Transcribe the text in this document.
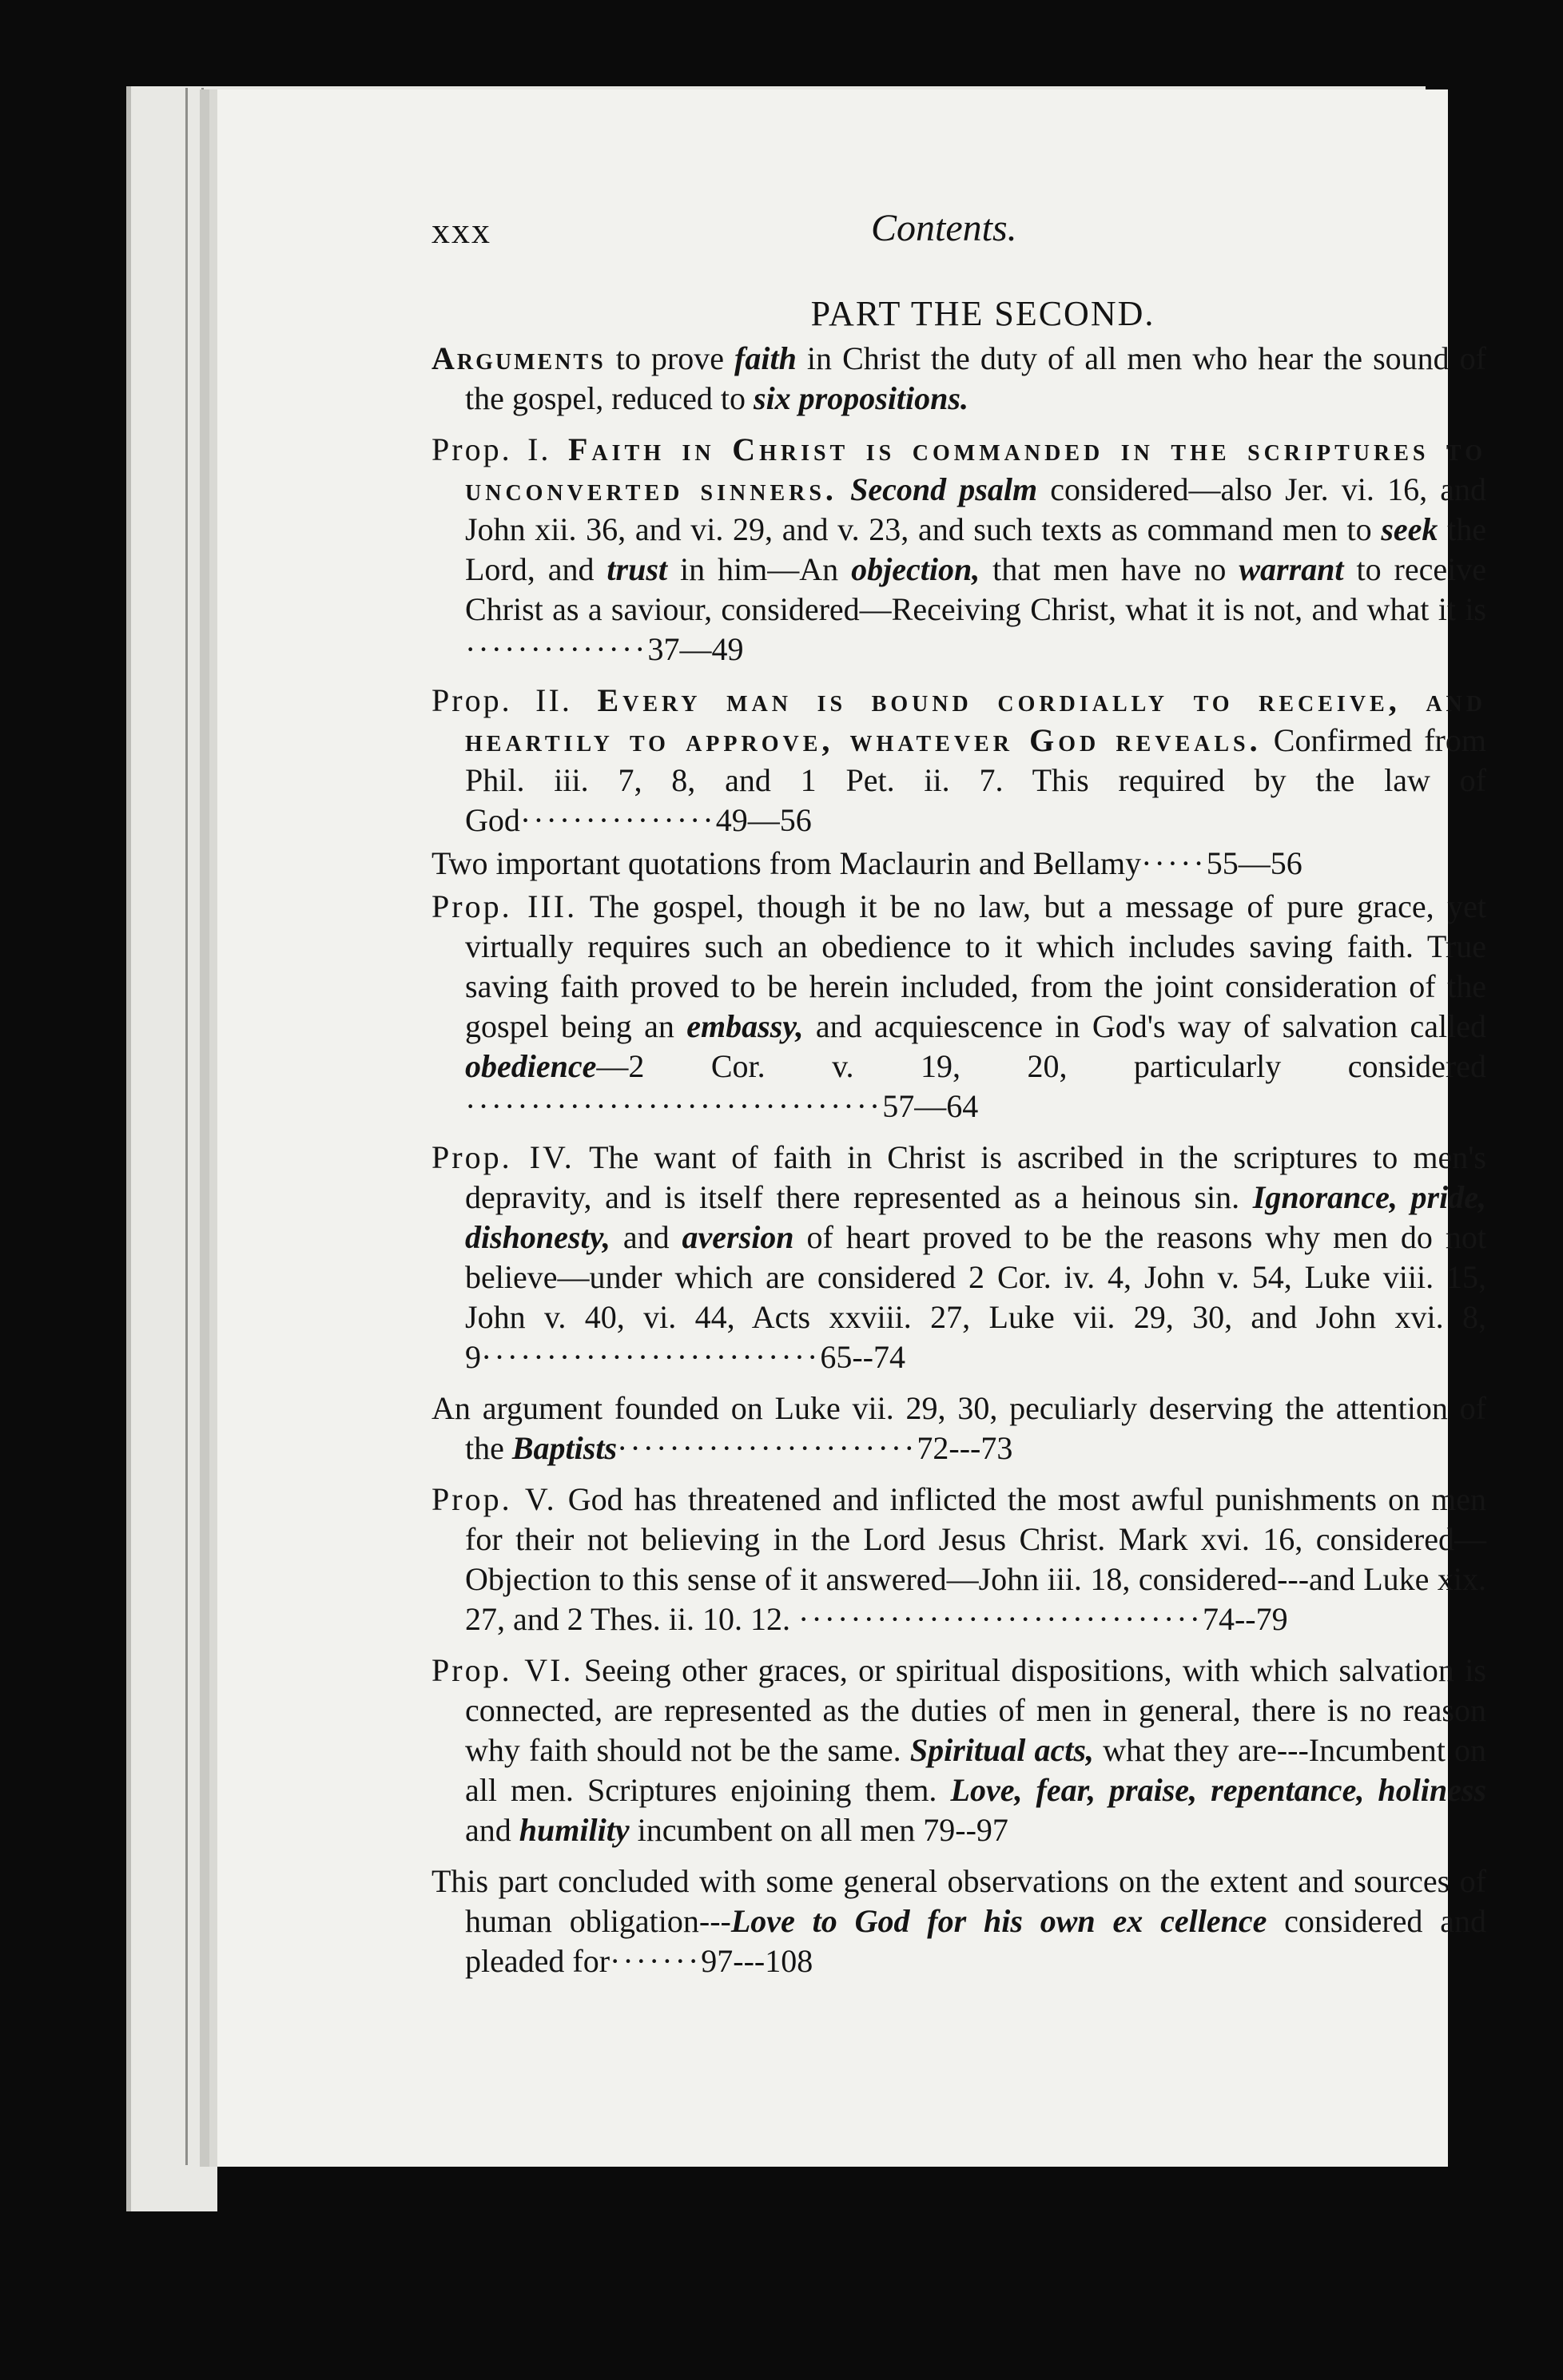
xxx	Contents.
PART THE SECOND.
Arguments to prove faith in Christ the duty of all men who hear the sound of the gospel, reduced to six propositions.
Prop. I. Faith in Christ is commanded in the scriptures to unconverted sinners. Second psalm considered—also Jer. vi. 16, and John xii. 36, and vi. 29, and v. 23, and such texts as command men to seek the Lord, and trust in him—An objection, that men have no warrant to receive Christ as a saviour, considered—Receiving Christ, what it is not, and what it is ··············37—49
Prop. II. Every man is bound cordially to receive, and heartily to approve, whatever God reveals. Confirmed from Phil. iii. 7, 8, and 1 Pet. ii. 7. This required by the law of God···············49—56
Two important quotations from Maclaurin and Bellamy·····55—56
Prop. III. The gospel, though it be no law, but a message of pure grace, yet virtually requires such an obedience to it which includes saving faith. True saving faith proved to be herein included, from the joint consideration of the gospel being an embassy, and acquiescence in God's way of salvation called obedience—2 Cor. v. 19, 20, particularly considered ································57—64
Prop. IV. The want of faith in Christ is ascribed in the scriptures to men's depravity, and is itself there represented as a heinous sin. Ignorance, pride, dishonesty, and aversion of heart proved to be the reasons why men do not believe—under which are considered 2 Cor. iv. 4, John v. 54, Luke viii. 15, John v. 40, vi. 44, Acts xxviii. 27, Luke vii. 29, 30, and John xvi. 8, 9··························65--74
An argument founded on Luke vii. 29, 30, peculiarly deserving the attention of the Baptists·······················72---73
Prop. V. God has threatened and inflicted the most awful punishments on men for their not believing in the Lord Jesus Christ. Mark xvi. 16, considered—Objection to this sense of it answered—John iii. 18, considered---and Luke xix. 27, and 2 Thes. ii. 10. 12. ·······························74--79
Prop. VI. Seeing other graces, or spiritual dispositions, with which salvation is connected, are represented as the duties of men in general, there is no reason why faith should not be the same. Spiritual acts, what they are---Incumbent on all men. Scriptures enjoining them. Love, fear, praise, repentance, holiness and humility incumbent on all men 79--97
This part concluded with some general observations on the extent and sources of human obligation---Love to God for his own ex cellence considered and pleaded for·······97---108
